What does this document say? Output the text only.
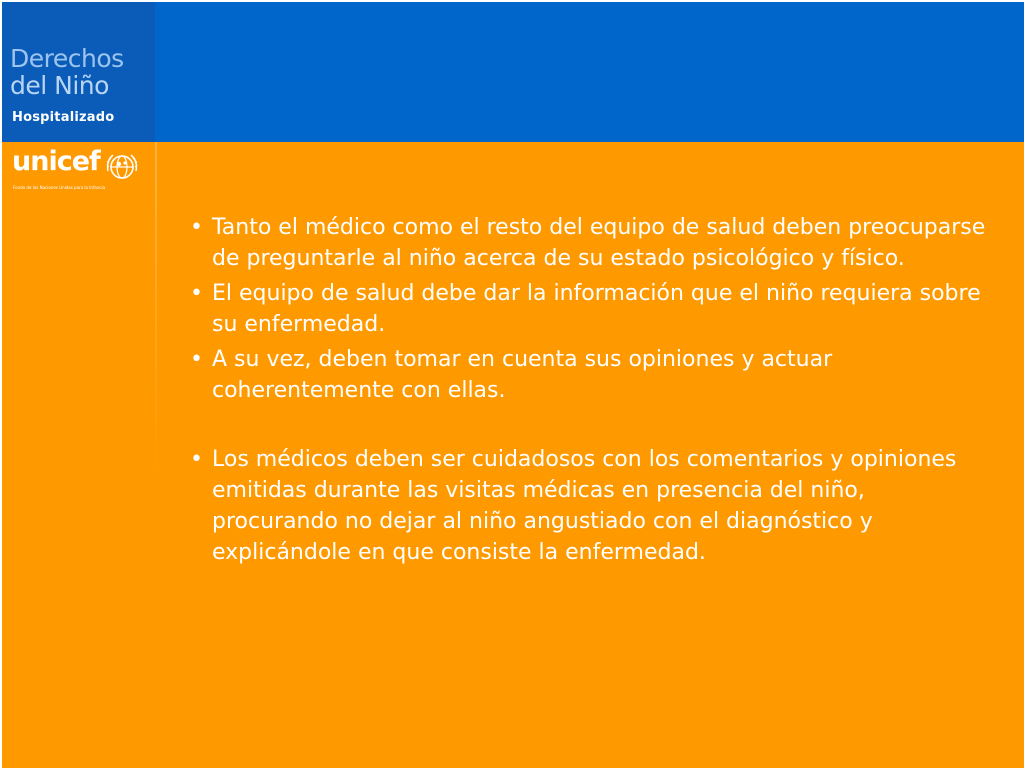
Derechos
del Niño
Hospitalizado
unicef
Fondo de las Naciones Unidas para la Infancia
• Tanto el médico como el resto del equipo de salud deben preocuparse de preguntarle al niño acerca de su estado psicológico y físico.
• El equipo de salud debe dar la información que el niño requiera sobre su enfermedad.
• A su vez, deben tomar en cuenta sus opiniones y actuar coherentemente con ellas.
• Los médicos deben ser cuidadosos con los comentarios y opiniones emitidas durante las visitas médicas en presencia del niño, procurando no dejar al niño angustiado con el diagnóstico y explicándole en que consiste la enfermedad.
